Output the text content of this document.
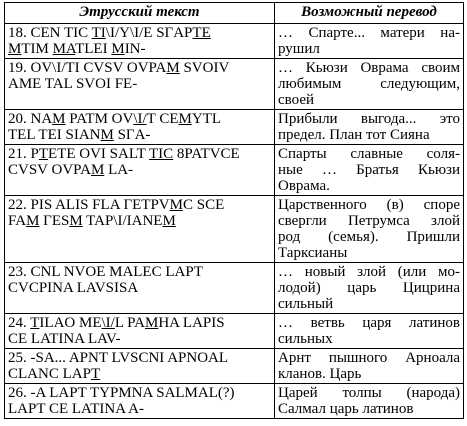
Этрусский текст	Возможный перевод

18. CEN TIC TI\I/Y\I/E SΓAPTE
MTIM MATLEI MIN-	… Спарте... матери на-
рушил

19. OV\I/TI CVSV OVPAM SVOIV
AME TAL SVOI FE-	… Кьюзи Оврама своим
любимым следующим,
своей

20. NAM PATM OV\I/T CEMYTL
TEL TEI SIANM SΓA-	Прибыли выгода... это
предел. План тот Сияна

21. PTETE OVI SALT TIC 8PATVCE
CVSV OVPAM LA-	Спарты славные соля-
ные … Братья Кьюзи
Оврама.

22. PIS ALIS FLA ΓETPVMC SCE
FAM ΓESM TAP\I/IANEM	Царственного (в) споре
свергли Петрумса злой
род (семья). Пришли
Тарксианы

23. CNL NVOE MALEC LAPT
CVCPINA LAVSISA	… новый злой (или мо-
лодой) царь Цицрина
сильный

24. TILAO ME\I/L PAMHA LAPIS
CE LATINA LAV-	… ветвь царя латинов
сильных

25. -SA... APNT LVSCNI APNOAL
CLANC LAPT	Арнт пышного Арноала
кланов. Царь

26. -A LAPT TYPMNA SALMAL(?)
LAPT CE LATINA A-	Царей толпы (народа)
Салмал царь латинов
